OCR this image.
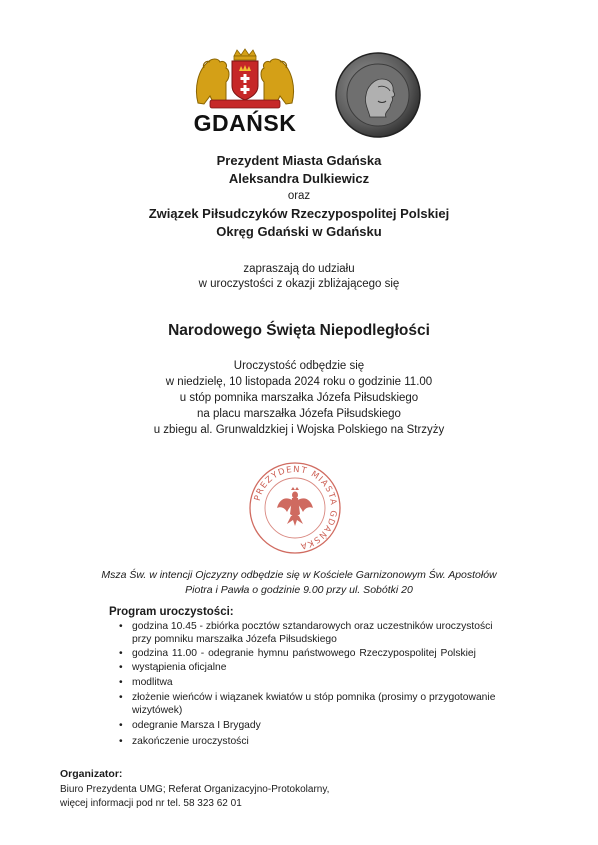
GDAŃSK
Prezydent Miasta Gdańska
Aleksandra Dulkiewicz
oraz
Związek Piłsudczyków Rzeczypospolitej Polskiej
Okręg Gdański w Gdańsku
zapraszają do udziału
w uroczystości z okazji zbliżającego się
Narodowego Święta Niepodległości
Uroczystość odbędzie się
w niedzielę, 10 listopada 2024 roku o godzinie 11.00
u stóp pomnika marszałka Józefa Piłsudskiego
na placu marszałka Józefa Piłsudskiego
u zbiegu al. Grunwaldzkiej i Wojska Polskiego na Strzyży
PREZYDENT MIASTA GDAŃSKA
Msza Św. w intencji Ojczyzny odbędzie się w Kościele Garnizonowym Św. Apostołów
Piotra i Pawła o godzinie 9.00 przy ul. Sobótki 20
Program uroczystości:
• godzina 10.45 - zbiórka pocztów sztandarowych oraz uczestników uroczystości
przy pomniku marszałka Józefa Piłsudskiego
• godzina 11.00 - odegranie hymnu państwowego Rzeczypospolitej Polskiej
• wystąpienia oficjalne
• modlitwa
• złożenie wieńców i wiązanek kwiatów u stóp pomnika (prosimy o przygotowanie
wizytówek)
• odegranie Marsza I Brygady
• zakończenie uroczystości
Organizator:
Biuro Prezydenta UMG; Referat Organizacyjno-Protokolarny,
więcej informacji pod nr tel. 58 323 62 01
